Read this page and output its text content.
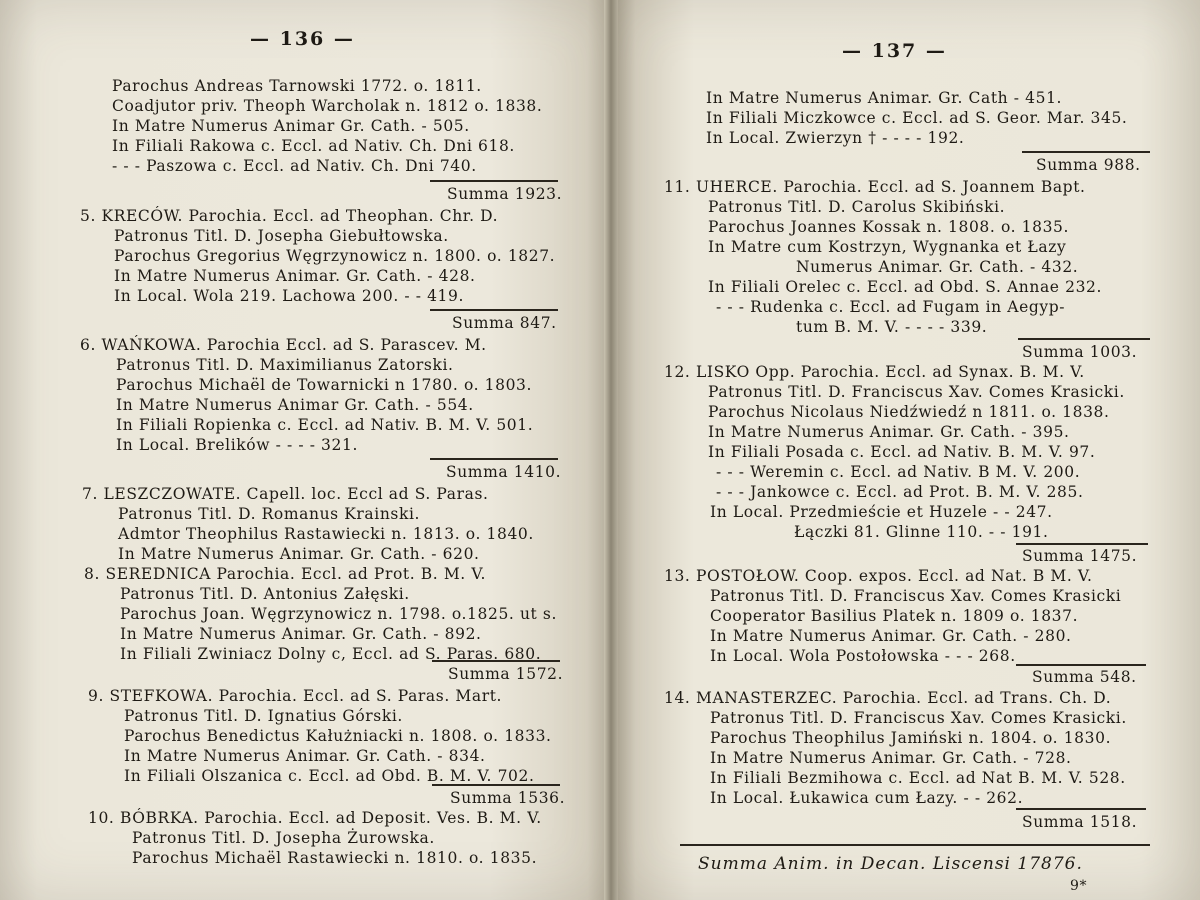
— 136 —
Parochus Andreas Tarnowski 1772. o. 1811.
Coadjutor priv. Theoph Warcholak n. 1812 o. 1838.
In Matre Numerus Animar Gr. Cath. - 505.
In Filiali Rakowa c. Eccl. ad Nativ. Ch. Dni 618.
- - - Paszowa c. Eccl. ad Nativ. Ch. Dni 740.
Summa 1923.
5. KRECÓW. Parochia. Eccl. ad Theophan. Chr. D.
Patronus Titl. D. Josepha Giebułtowska.
Parochus Gregorius Węgrzynowicz n. 1800. o. 1827.
In Matre Numerus Animar. Gr. Cath. - 428.
In Local. Wola 219. Lachowa 200. - - 419.
Summa 847.
6. WAŃKOWA. Parochia Eccl. ad S. Parascev. M.
Patronus Titl. D. Maximilianus Zatorski.
Parochus Michaël de Towarnicki n 1780. o. 1803.
In Matre Numerus Animar Gr. Cath. - 554.
In Filiali Ropienka c. Eccl. ad Nativ. B. M. V. 501.
In Local. Brelików - - - - 321.
Summa 1410.
7. LESZCZOWATE. Capell. loc. Eccl ad S. Paras.
Patronus Titl. D. Romanus Krainski.
Admtor Theophilus Rastawiecki n. 1813. o. 1840.
In Matre Numerus Animar. Gr. Cath. - 620.
8. SEREDNICA Parochia. Eccl. ad Prot. B. M. V.
Patronus Titl. D. Antonius Załęski.
Parochus Joan. Węgrzynowicz n. 1798. o.1825. ut s.
In Matre Numerus Animar. Gr. Cath. - 892.
In Filiali Zwiniacz Dolny c, Eccl. ad S. Paras. 680.
Summa 1572.
9. STEFKOWA. Parochia. Eccl. ad S. Paras. Mart.
Patronus Titl. D. Ignatius Górski.
Parochus Benedictus Kałużniacki n. 1808. o. 1833.
In Matre Numerus Animar. Gr. Cath. - 834.
In Filiali Olszanica c. Eccl. ad Obd. B. M. V. 702.
Summa 1536.
10. BÓBRKA. Parochia. Eccl. ad Deposit. Ves. B. M. V.
Patronus Titl. D. Josepha Żurowska.
Parochus Michaël Rastawiecki n. 1810. o. 1835.
— 137 —
In Matre Numerus Animar. Gr. Cath - 451.
In Filiali Miczkowce c. Eccl. ad S. Geor. Mar. 345.
In Local. Zwierzyn † - - - - 192.
Summa 988.
11. UHERCE. Parochia. Eccl. ad S. Joannem Bapt.
Patronus Titl. D. Carolus Skibiński.
Parochus Joannes Kossak n. 1808. o. 1835.
In Matre cum Kostrzyn, Wygnanka et Łazy
Numerus Animar. Gr. Cath. - 432.
In Filiali Orelec c. Eccl. ad Obd. S. Annae 232.
- - - Rudenka c. Eccl. ad Fugam in Aegyp-
tum B. M. V. - - - - 339.
Summa 1003.
12. LISKO Opp. Parochia. Eccl. ad Synax. B. M. V.
Patronus Titl. D. Franciscus Xav. Comes Krasicki.
Parochus Nicolaus Niedźwiedź n 1811. o. 1838.
In Matre Numerus Animar. Gr. Cath. - 395.
In Filiali Posada c. Eccl. ad Nativ. B. M. V. 97.
- - - Weremin c. Eccl. ad Nativ. B M. V. 200.
- - - Jankowce c. Eccl. ad Prot. B. M. V. 285.
In Local. Przedmieście et Huzele - - 247.
Łączki 81. Glinne 110. - - 191.
Summa 1475.
13. POSTOŁOW. Coop. expos. Eccl. ad Nat. B M. V.
Patronus Titl. D. Franciscus Xav. Comes Krasicki
Cooperator Basilius Platek n. 1809 o. 1837.
In Matre Numerus Animar. Gr. Cath. - 280.
In Local. Wola Postołowska - - - 268.
Summa 548.
14. MANASTERZEC. Parochia. Eccl. ad Trans. Ch. D.
Patronus Titl. D. Franciscus Xav. Comes Krasicki.
Parochus Theophilus Jamiński n. 1804. o. 1830.
In Matre Numerus Animar. Gr. Cath. - 728.
In Filiali Bezmihowa c. Eccl. ad Nat B. M. V. 528.
In Local. Łukawica cum Łazy. - - 262.
Summa 1518.
Summa Anim. in Decan. Liscensi 17876.
9*
